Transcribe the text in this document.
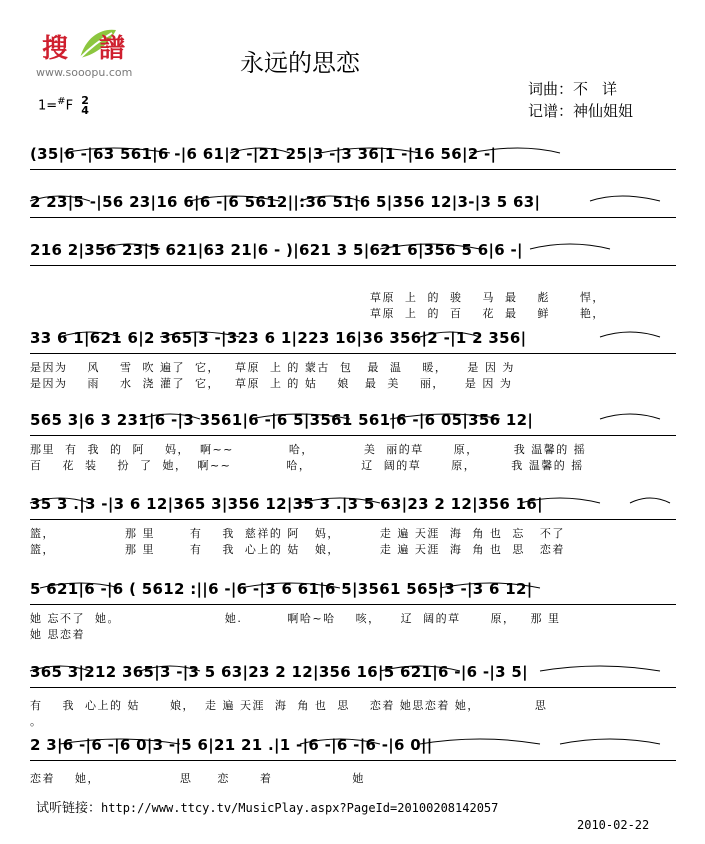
搜 譜
www.sooopu.com	永远的思恋
1=#F 2
4
词曲：不 详
记谱：神仙姐姐
(35|6 -|63 561|6 -|6 61|2 -|21 25|3 -|3 36|1 -|16 56|2 -|
2 23|5 -|56 23|16 6|6 -|6 5612||:36 51|6 5|356 12|3-|3 5 63|
216 2|356 23|5 621|63 21|6 - )|621 3 5|621 6|356 5 6|6 -|
草原  上  的  骏    马  最    彪      悍，
草原  上  的  百    花  最    鲜      艳，
33 6 1|621 6|2 365|3 -|323 6 1|223 16|36 356|2 -|1 2 356|
是因为    风    雪  吹 遍了  它，   草原  上 的 蒙古  包   最  温    暖，    是 因 为
是因为    雨    水  浇 灌了  它，   草原  上 的 姑    娘   最  美    丽，    是 因 为
565 3|6 3 231|6 -|3 3561|6 -|6 5|3561 561|6 -|6 05|356 12|
那里  有  我  的  阿    妈，  啊~~           哈，          美  丽的草      原，       我 温馨的 摇
百    花  装    扮  了  她，  啊~~           哈，          辽  阔的草      原，       我 温馨的 摇
35 3 .|3 -|3 6 12|365 3|356 12|35 3 .|3 5 63|23 2 12|356 16|
篮，              那 里       有    我  慈祥的 阿   妈，        走 遍 天涯  海  角 也  忘   不了
篮，              那 里       有    我  心上的 姑   娘，        走 遍 天涯  海  角 也  思   恋着
5 621|6 -|6 ( 5612 :||6 -|6 -|3 6 61|6 5|3561 565|3 -|3 6 12|
她 忘不了  她。                     她.         啊哈~哈    咳，    辽  阔的草      原，   那 里
她 思恋着
365 3|212 365|3 -|3 5 63|23 2 12|356 16|5 621|6 -|6 -|3 5|
有    我  心上的 姑      娘，  走 遍 天涯  海  角 也  思    恋着 她思恋着 她，           思
。
2 3|6 -|6 -|6 0|3 -|5 6|21 21 .|1 -|6 -|6 -|6 -|6 0||
恋着    她，                思     恋      着                她
试听链接：http://www.ttcy.tv/MusicPlay.aspx?PageId=20100208142057
2010-02-22
